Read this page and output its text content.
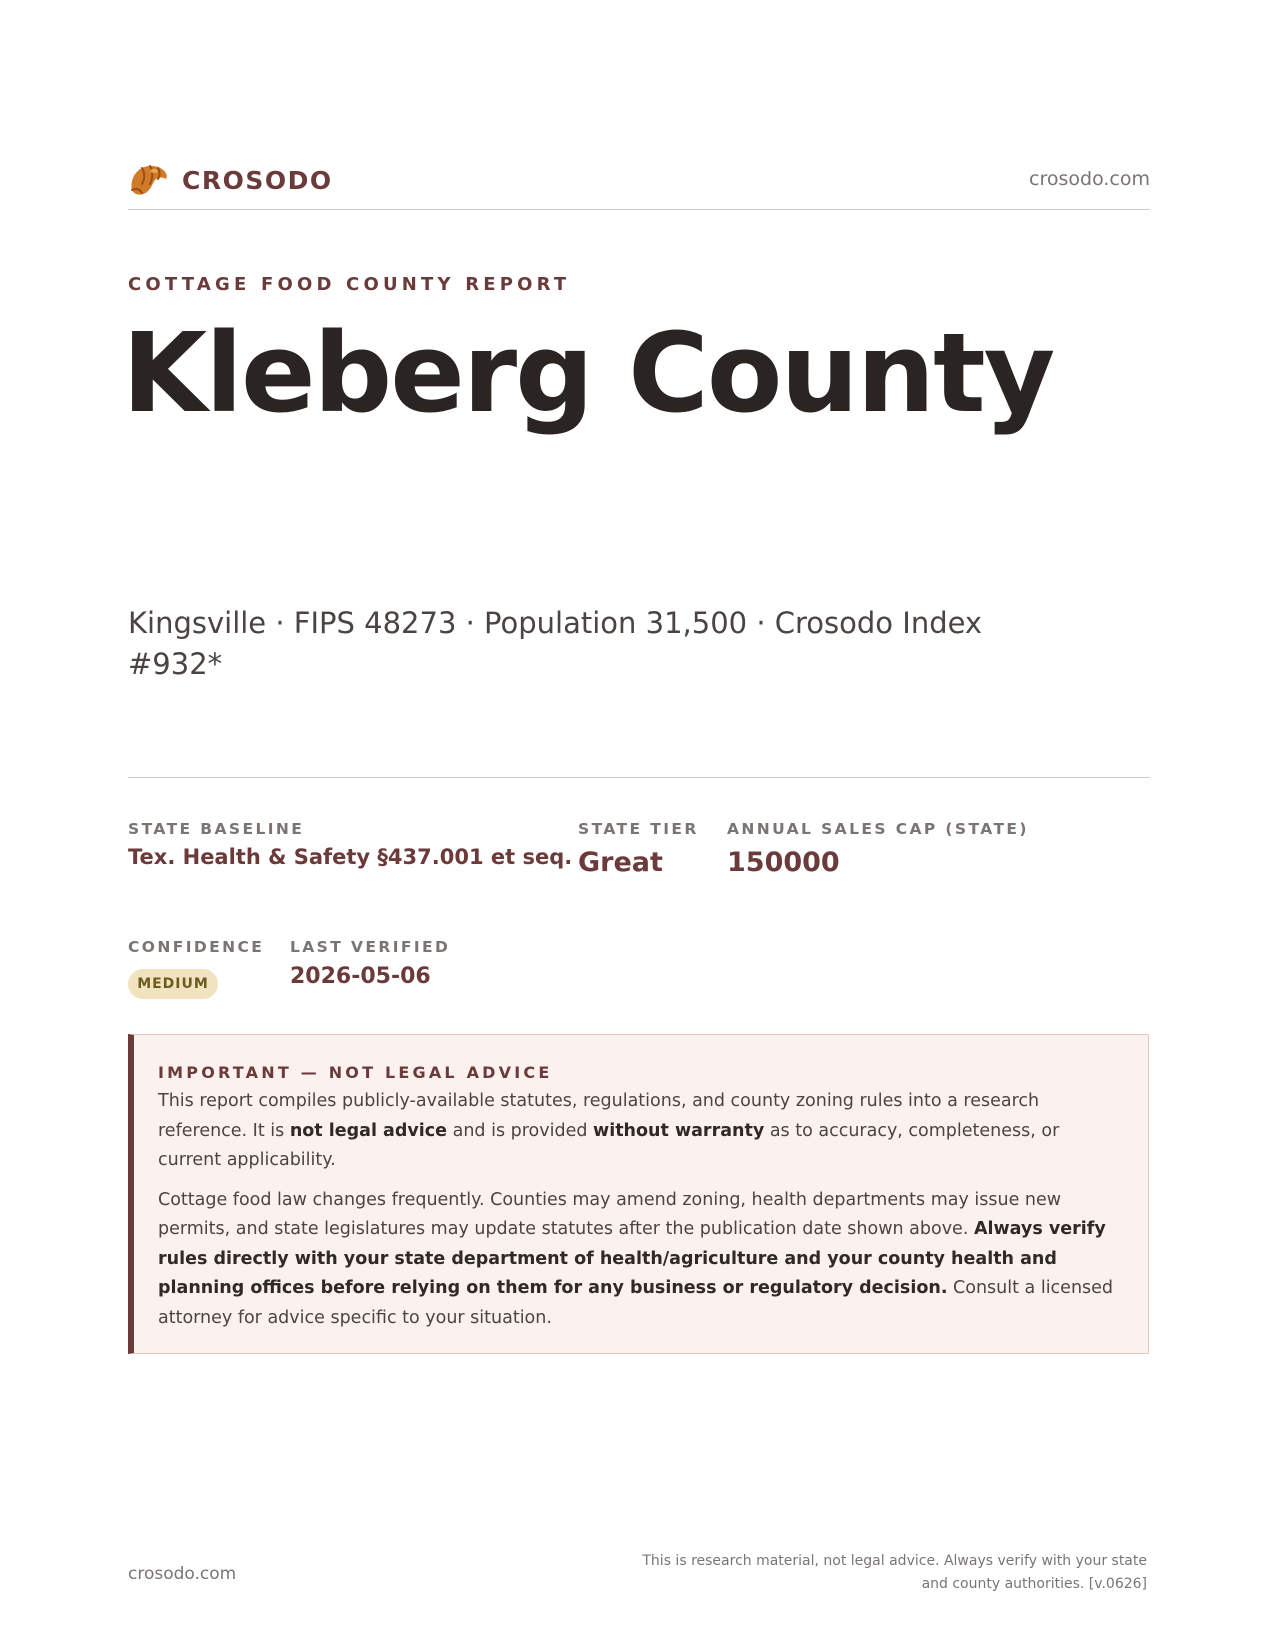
CROSODO	crosodo.com
COTTAGE FOOD COUNTY REPORT
Kleberg County
Kingsville · FIPS 48273 · Population 31,500 · Crosodo Index #932*
STATE BASELINE
Tex. Health & Safety §437.001 et seq.
STATE TIER
Great
ANNUAL SALES CAP (STATE)
150000
CONFIDENCE
MEDIUM
LAST VERIFIED
2026-05-06
IMPORTANT — NOT LEGAL ADVICE

This report compiles publicly-available statutes, regulations, and county zoning rules into a research reference. It is not legal advice and is provided without warranty as to accuracy, completeness, or current applicability.

Cottage food law changes frequently. Counties may amend zoning, health departments may issue new permits, and state legislatures may update statutes after the publication date shown above. Always verify rules directly with your state department of health/agriculture and your county health and planning offices before relying on them for any business or regulatory decision. Consult a licensed attorney for advice specific to your situation.

crosodo.com
This is research material, not legal advice. Always verify with your state and county authorities. [v.0626]
